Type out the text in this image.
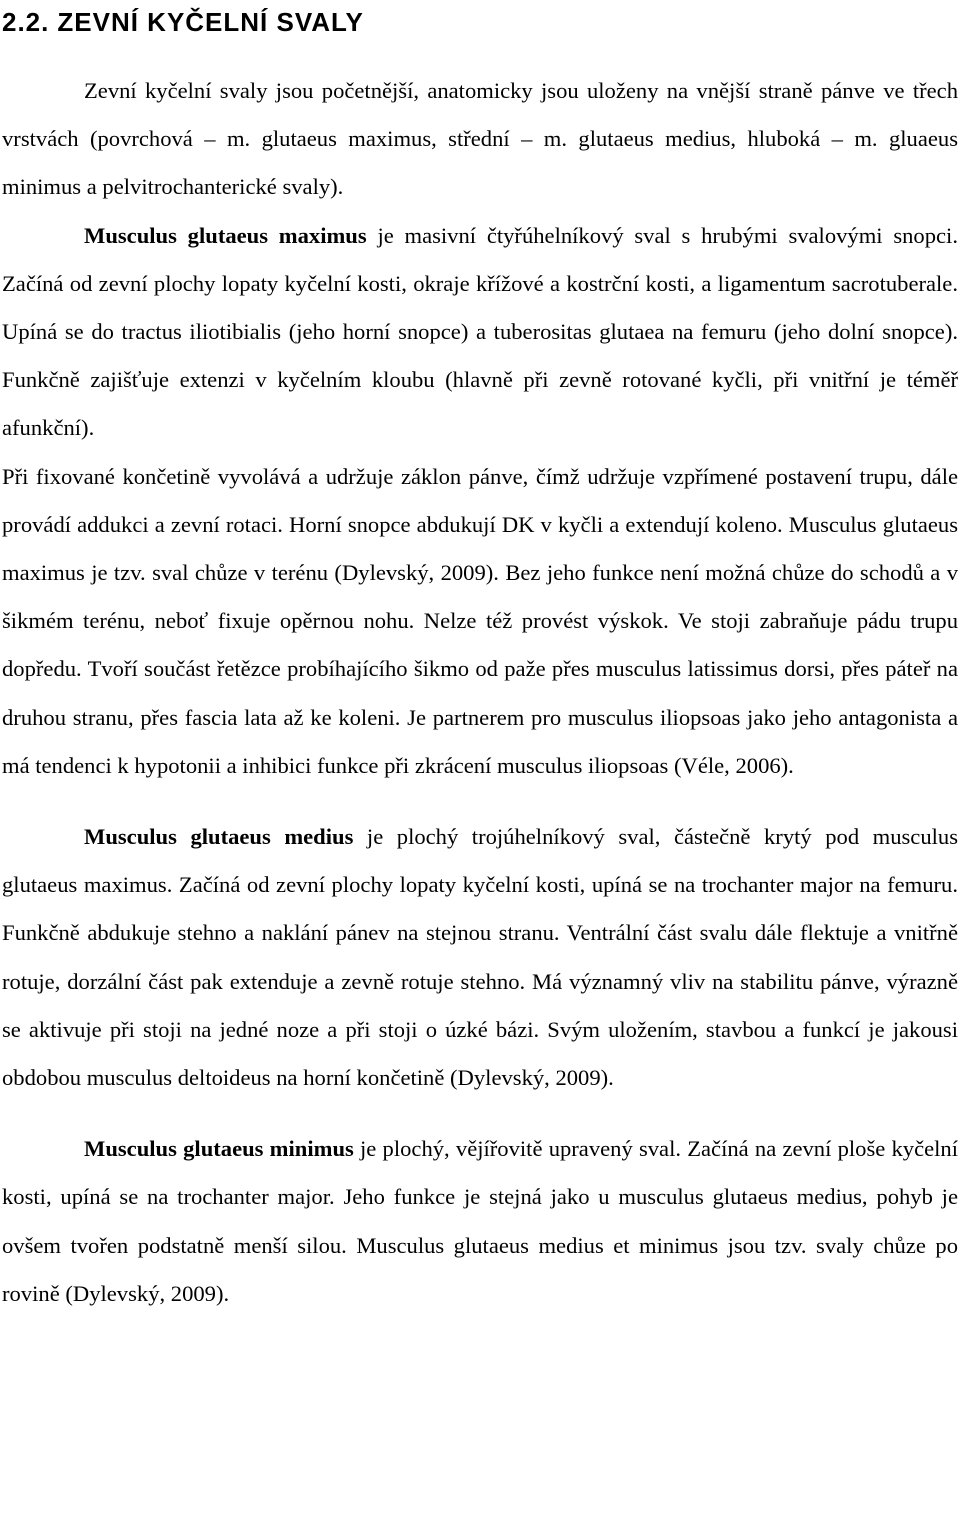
2.2. ZEVNÍ KYČELNÍ SVALY

Zevní kyčelní svaly jsou početnější, anatomicky jsou uloženy na vnější straně pánve ve třech vrstvách (povrchová – m. glutaeus maximus, střední – m. glutaeus medius, hluboká – m. gluaeus minimus a pelvitrochanterické svaly).

Musculus glutaeus maximus je masivní čtyřúhelníkový sval s hrubými svalovými snopci. Začíná od zevní plochy lopaty kyčelní kosti, okraje křížové a kostrční kosti, a ligamentum sacrotuberale. Upíná se do tractus iliotibialis (jeho horní snopce) a tuberositas glutaea na femuru (jeho dolní snopce). Funkčně zajišťuje extenzi v kyčelním kloubu (hlavně při zevně rotované kyčli, při vnitřní je téměř afunkční).

Při fixované končetině vyvolává a udržuje záklon pánve, čímž udržuje vzpřímené postavení trupu, dále provádí addukci a zevní rotaci. Horní snopce abdukují DK v kyčli a extendují koleno. Musculus glutaeus maximus je tzv. sval chůze v terénu (Dylevský, 2009). Bez jeho funkce není možná chůze do schodů a v šikmém terénu, neboť fixuje opěrnou nohu. Nelze též provést výskok. Ve stoji zabraňuje pádu trupu dopředu. Tvoří součást řetězce probíhajícího šikmo od paže přes musculus latissimus dorsi, přes páteř na druhou stranu, přes fascia lata až ke koleni. Je partnerem pro musculus iliopsoas jako jeho antagonista a má tendenci k hypotonii a inhibici funkce při zkrácení musculus iliopsoas (Véle, 2006).

Musculus glutaeus medius je plochý trojúhelníkový sval, částečně krytý pod musculus glutaeus maximus. Začíná od zevní plochy lopaty kyčelní kosti, upíná se na trochanter major na femuru. Funkčně abdukuje stehno a naklání pánev na stejnou stranu. Ventrální část svalu dále flektuje a vnitřně rotuje, dorzální část pak extenduje a zevně rotuje stehno. Má významný vliv na stabilitu pánve, výrazně se aktivuje při stoji na jedné noze a při stoji o úzké bázi. Svým uložením, stavbou a funkcí je jakousi obdobou musculus deltoideus na horní končetině (Dylevský, 2009).

Musculus glutaeus minimus je plochý, vějířovitě upravený sval. Začíná na zevní ploše kyčelní kosti, upíná se na trochanter major. Jeho funkce je stejná jako u musculus glutaeus medius, pohyb je ovšem tvořen podstatně menší silou. Musculus glutaeus medius et minimus jsou tzv. svaly chůze po rovině (Dylevský, 2009).
